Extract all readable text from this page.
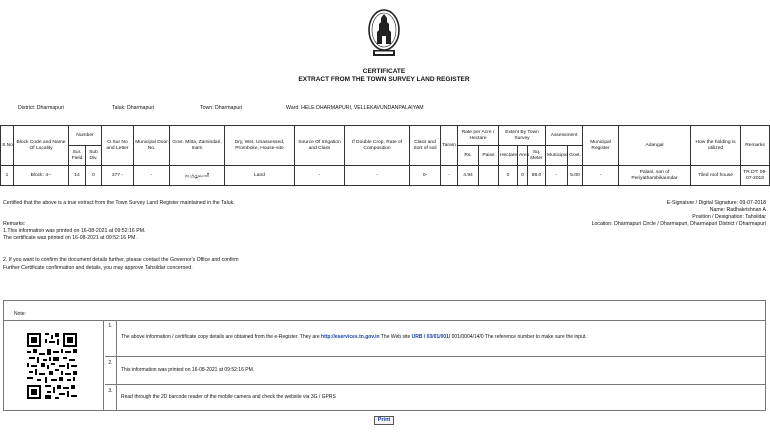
CERTIFICATE
EXTRACT FROM THE TOWN SURVEY LAND REGISTER
District: Dharmapuri	Taluk: Dharmapuri	Town: Dharmapuri	Ward: HELE DHARMAPURI, VELLEKAVUNDANPALAIYAM
S.No.	Block Code and Name Of Locality	Number		O.Sur No and Letter	Municipal Door No.	Govt. Mitta, Zamindari, Inam	Dry, Wet, Unassessed, Promboke, House-site	Source Of Irrigation and Class	If Double Crop, Rate of Composition	Class and Sort of soil	Taram	Rate per Acre / Hectare		Extent By Town Survey			Assessment		Municipal Register	Adangal	How the holding is utilized	Remarks
		Sur. Field	Sub Div.									Rs.	Paise	Hectare	Ares	Sq. Meter	Municipal	Govt.				
1	Block: 4--	14	0	377 -	-	ரயத்துவாரி	Land	-	-	0-	-	4.94		0	0	88.0	-	5.00	-	Palani, son of Periyathambikaundar	Tiled roof house	TR DT: 09-07-2018
Certified that the above is a true extract from the Town Survey Land Register maintained in the Taluk.
Remarks:
1.This information was printed on 16-08-2021 at 09:52:16 PM.
The certificate was printed on 16-08-2021 at 09:52:16 PM.
2. If you want to confirm the document details further, please contact the Governor's Office and confirm
Further Certificate confirmation and details, you may approve Tahsildar concerned.
E-Signature / Digital Signature: 09-07-2018
Name: Radhakrishnan A
Position / Designation: Tahsildar
Location: Dharmapuri Circle / Dharmapuri, Dharmapuri District / Dharmapuri
Note:
1.
The above information / certificate copy details are obtained from the e-Register. They are http://eservices.tn.gov.in The Web site URB / 03/01/001/ 001/0004/14/0 The reference number to make sure the input.
2.
This information was printed on 16-08-2021 at 09:52:16 PM.
3.
Read through the 2D barcode reader of the mobile camera and check the website via 3G / GPRS
Print
